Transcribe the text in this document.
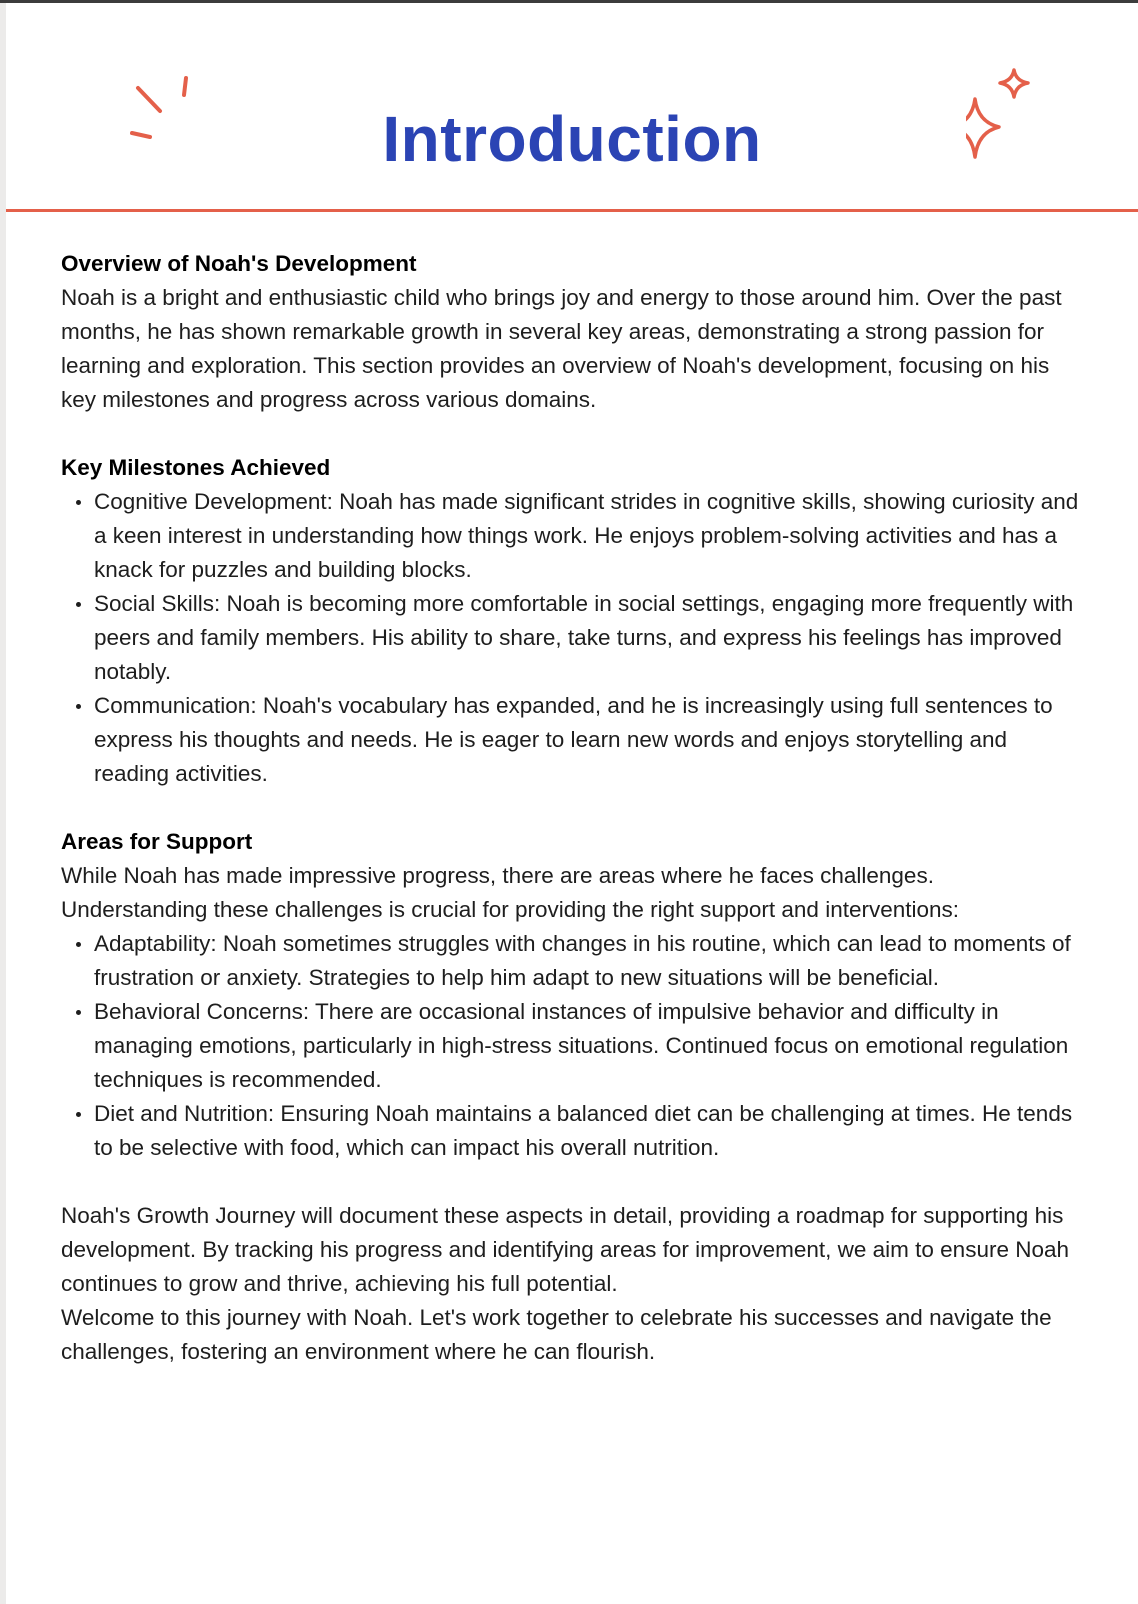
Introduction

Overview of Noah's Development

Noah is a bright and enthusiastic child who brings joy and energy to those around him. Over the past months, he has shown remarkable growth in several key areas, demonstrating a strong passion for learning and exploration. This section provides an overview of Noah's development, focusing on his key milestones and progress across various domains.

Key Milestones Achieved

Cognitive Development: Noah has made significant strides in cognitive skills, showing curiosity and a keen interest in understanding how things work. He enjoys problem-solving activities and has a knack for puzzles and building blocks.
Social Skills: Noah is becoming more comfortable in social settings, engaging more frequently with peers and family members. His ability to share, take turns, and express his feelings has improved notably.
Communication: Noah's vocabulary has expanded, and he is increasingly using full sentences to express his thoughts and needs. He is eager to learn new words and enjoys storytelling and reading activities.

Areas for Support

While Noah has made impressive progress, there are areas where he faces challenges. Understanding these challenges is crucial for providing the right support and interventions:

Adaptability: Noah sometimes struggles with changes in his routine, which can lead to moments of frustration or anxiety. Strategies to help him adapt to new situations will be beneficial.
Behavioral Concerns: There are occasional instances of impulsive behavior and difficulty in managing emotions, particularly in high-stress situations. Continued focus on emotional regulation techniques is recommended.
Diet and Nutrition: Ensuring Noah maintains a balanced diet can be challenging at times. He tends to be selective with food, which can impact his overall nutrition.

Noah's Growth Journey will document these aspects in detail, providing a roadmap for supporting his development. By tracking his progress and identifying areas for improvement, we aim to ensure Noah continues to grow and thrive, achieving his full potential.

Welcome to this journey with Noah. Let's work together to celebrate his successes and navigate the challenges, fostering an environment where he can flourish.
